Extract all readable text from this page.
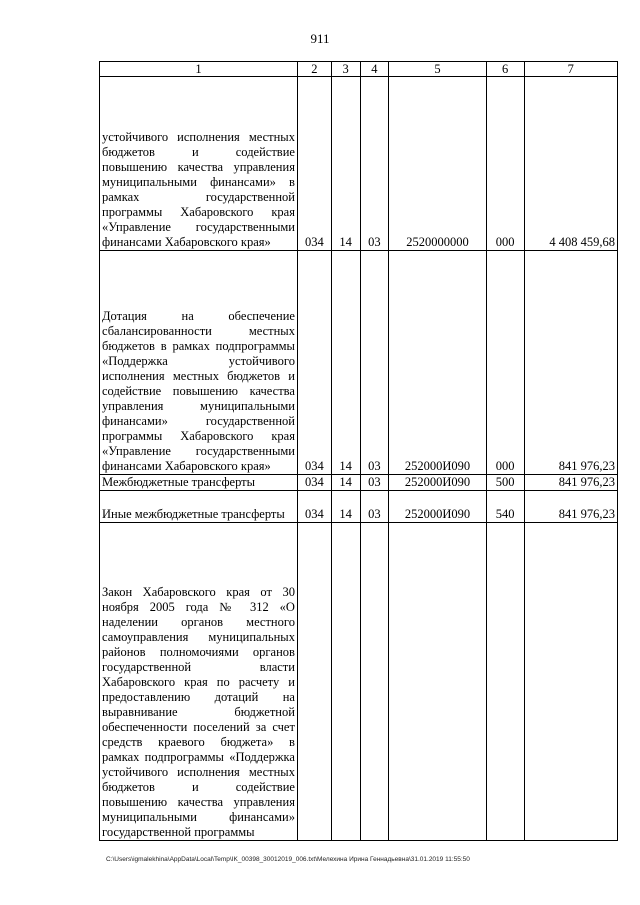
911
1	2	3	4	5	6	7
устойчивого исполнения местных бюджетов и содействие повышению качества управления муниципальными финансами» в рамках государственной программы Хабаровского края «Управление государственными финансами Хабаровского края»	034	14	03	2520000000	000	4 408 459,68
Дотация на обеспечение сбалансированности местных бюджетов в рамках подпрограммы «Поддержка устойчивого исполнения местных бюджетов и содействие повышению качества управления муниципальными финансами» государственной программы Хабаровского края «Управление государственными финансами Хабаровского края»	034	14	03	252000И090	000	841 976,23
Межбюджетные трансферты	034	14	03	252000И090	500	841 976,23
Иные межбюджетные трансферты	034	14	03	252000И090	540	841 976,23
Закон Хабаровского края от 30 ноября 2005 года № 312 «О наделении органов местного самоуправления муниципальных районов полномочиями органов государственной власти Хабаровского края по расчету и предоставлению дотаций на выравнивание бюджетной обеспеченности поселений за счет средств краевого бюджета» в рамках подпрограммы «Поддержка устойчивого исполнения местных бюджетов и содействие повышению качества управления муниципальными финансами» государственной программы						
C:\Users\igmalekhina\AppData\Local\Temp\IK_00398_30012019_006.txt\Мелехина Ирина Геннадьевна\31.01.2019 11:55:50
